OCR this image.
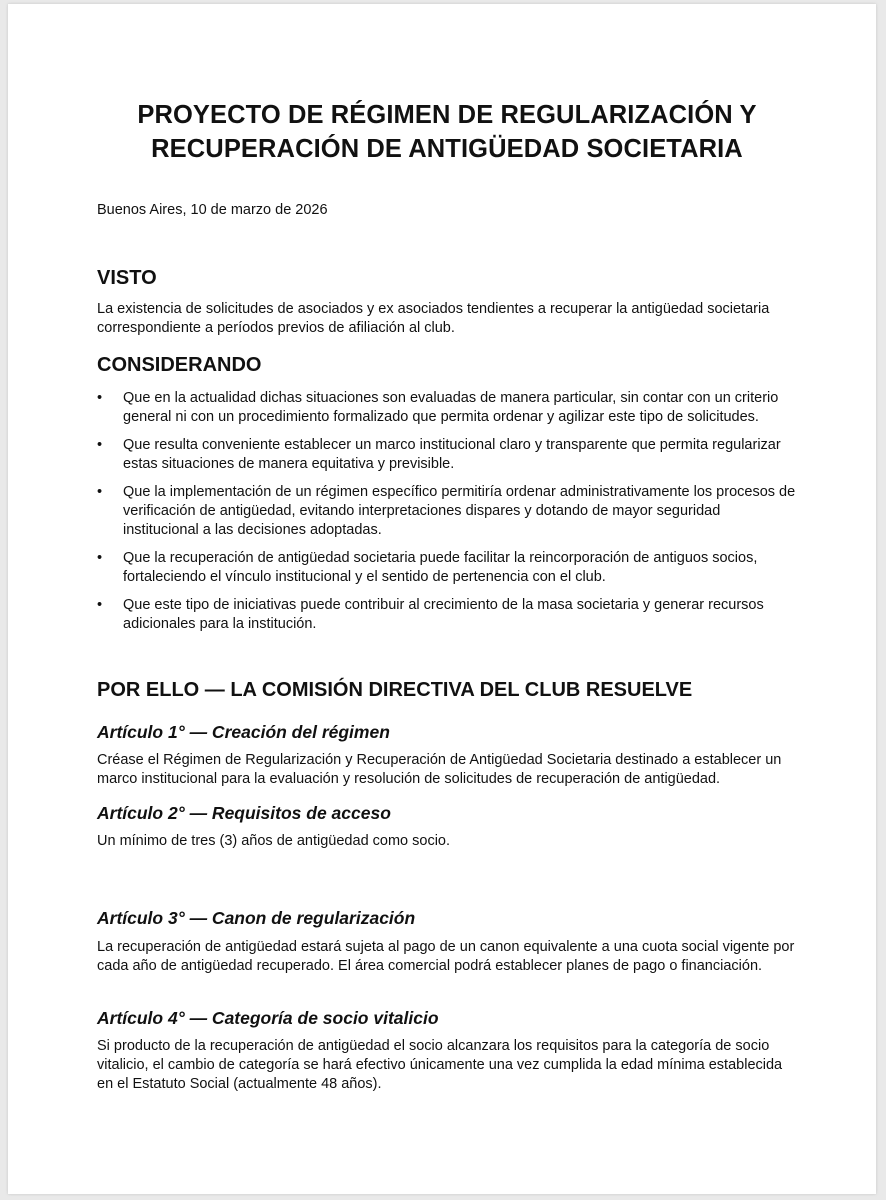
PROYECTO DE RÉGIMEN DE REGULARIZACIÓN Y
RECUPERACIÓN DE ANTIGÜEDAD SOCIETARIA

Buenos Aires, 10 de marzo de 2026

VISTO

La existencia de solicitudes de asociados y ex asociados tendientes a recuperar la antigüedad societaria correspondiente a períodos previos de afiliación al club.

CONSIDERANDO
• Que en la actualidad dichas situaciones son evaluadas de manera particular, sin contar con un criterio general ni con un procedimiento formalizado que permita ordenar y agilizar este tipo de solicitudes.
• Que resulta conveniente establecer un marco institucional claro y transparente que permita regularizar estas situaciones de manera equitativa y previsible.
• Que la implementación de un régimen específico permitiría ordenar administrativamente los procesos de verificación de antigüedad, evitando interpretaciones dispares y dotando de mayor seguridad institucional a las decisiones adoptadas.
• Que la recuperación de antigüedad societaria puede facilitar la reincorporación de antiguos socios, fortaleciendo el vínculo institucional y el sentido de pertenencia con el club.
• Que este tipo de iniciativas puede contribuir al crecimiento de la masa societaria y generar recursos adicionales para la institución.
POR ELLO — LA COMISIÓN DIRECTIVA DEL CLUB RESUELVE
Artículo 1° — Creación del régimen

Créase el Régimen de Regularización y Recuperación de Antigüedad Societaria destinado a establecer un marco institucional para la evaluación y resolución de solicitudes de recuperación de antigüedad.

Artículo 2° — Requisitos de acceso

Un mínimo de tres (3) años de antigüedad como socio.

Artículo 3° — Canon de regularización

La recuperación de antigüedad estará sujeta al pago de un canon equivalente a una cuota social vigente por cada año de antigüedad recuperado. El área comercial podrá establecer planes de pago o financiación.

Artículo 4° — Categoría de socio vitalicio

Si producto de la recuperación de antigüedad el socio alcanzara los requisitos para la categoría de socio vitalicio, el cambio de categoría se hará efectivo únicamente una vez cumplida la edad mínima establecida en el Estatuto Social (actualmente 48 años).
